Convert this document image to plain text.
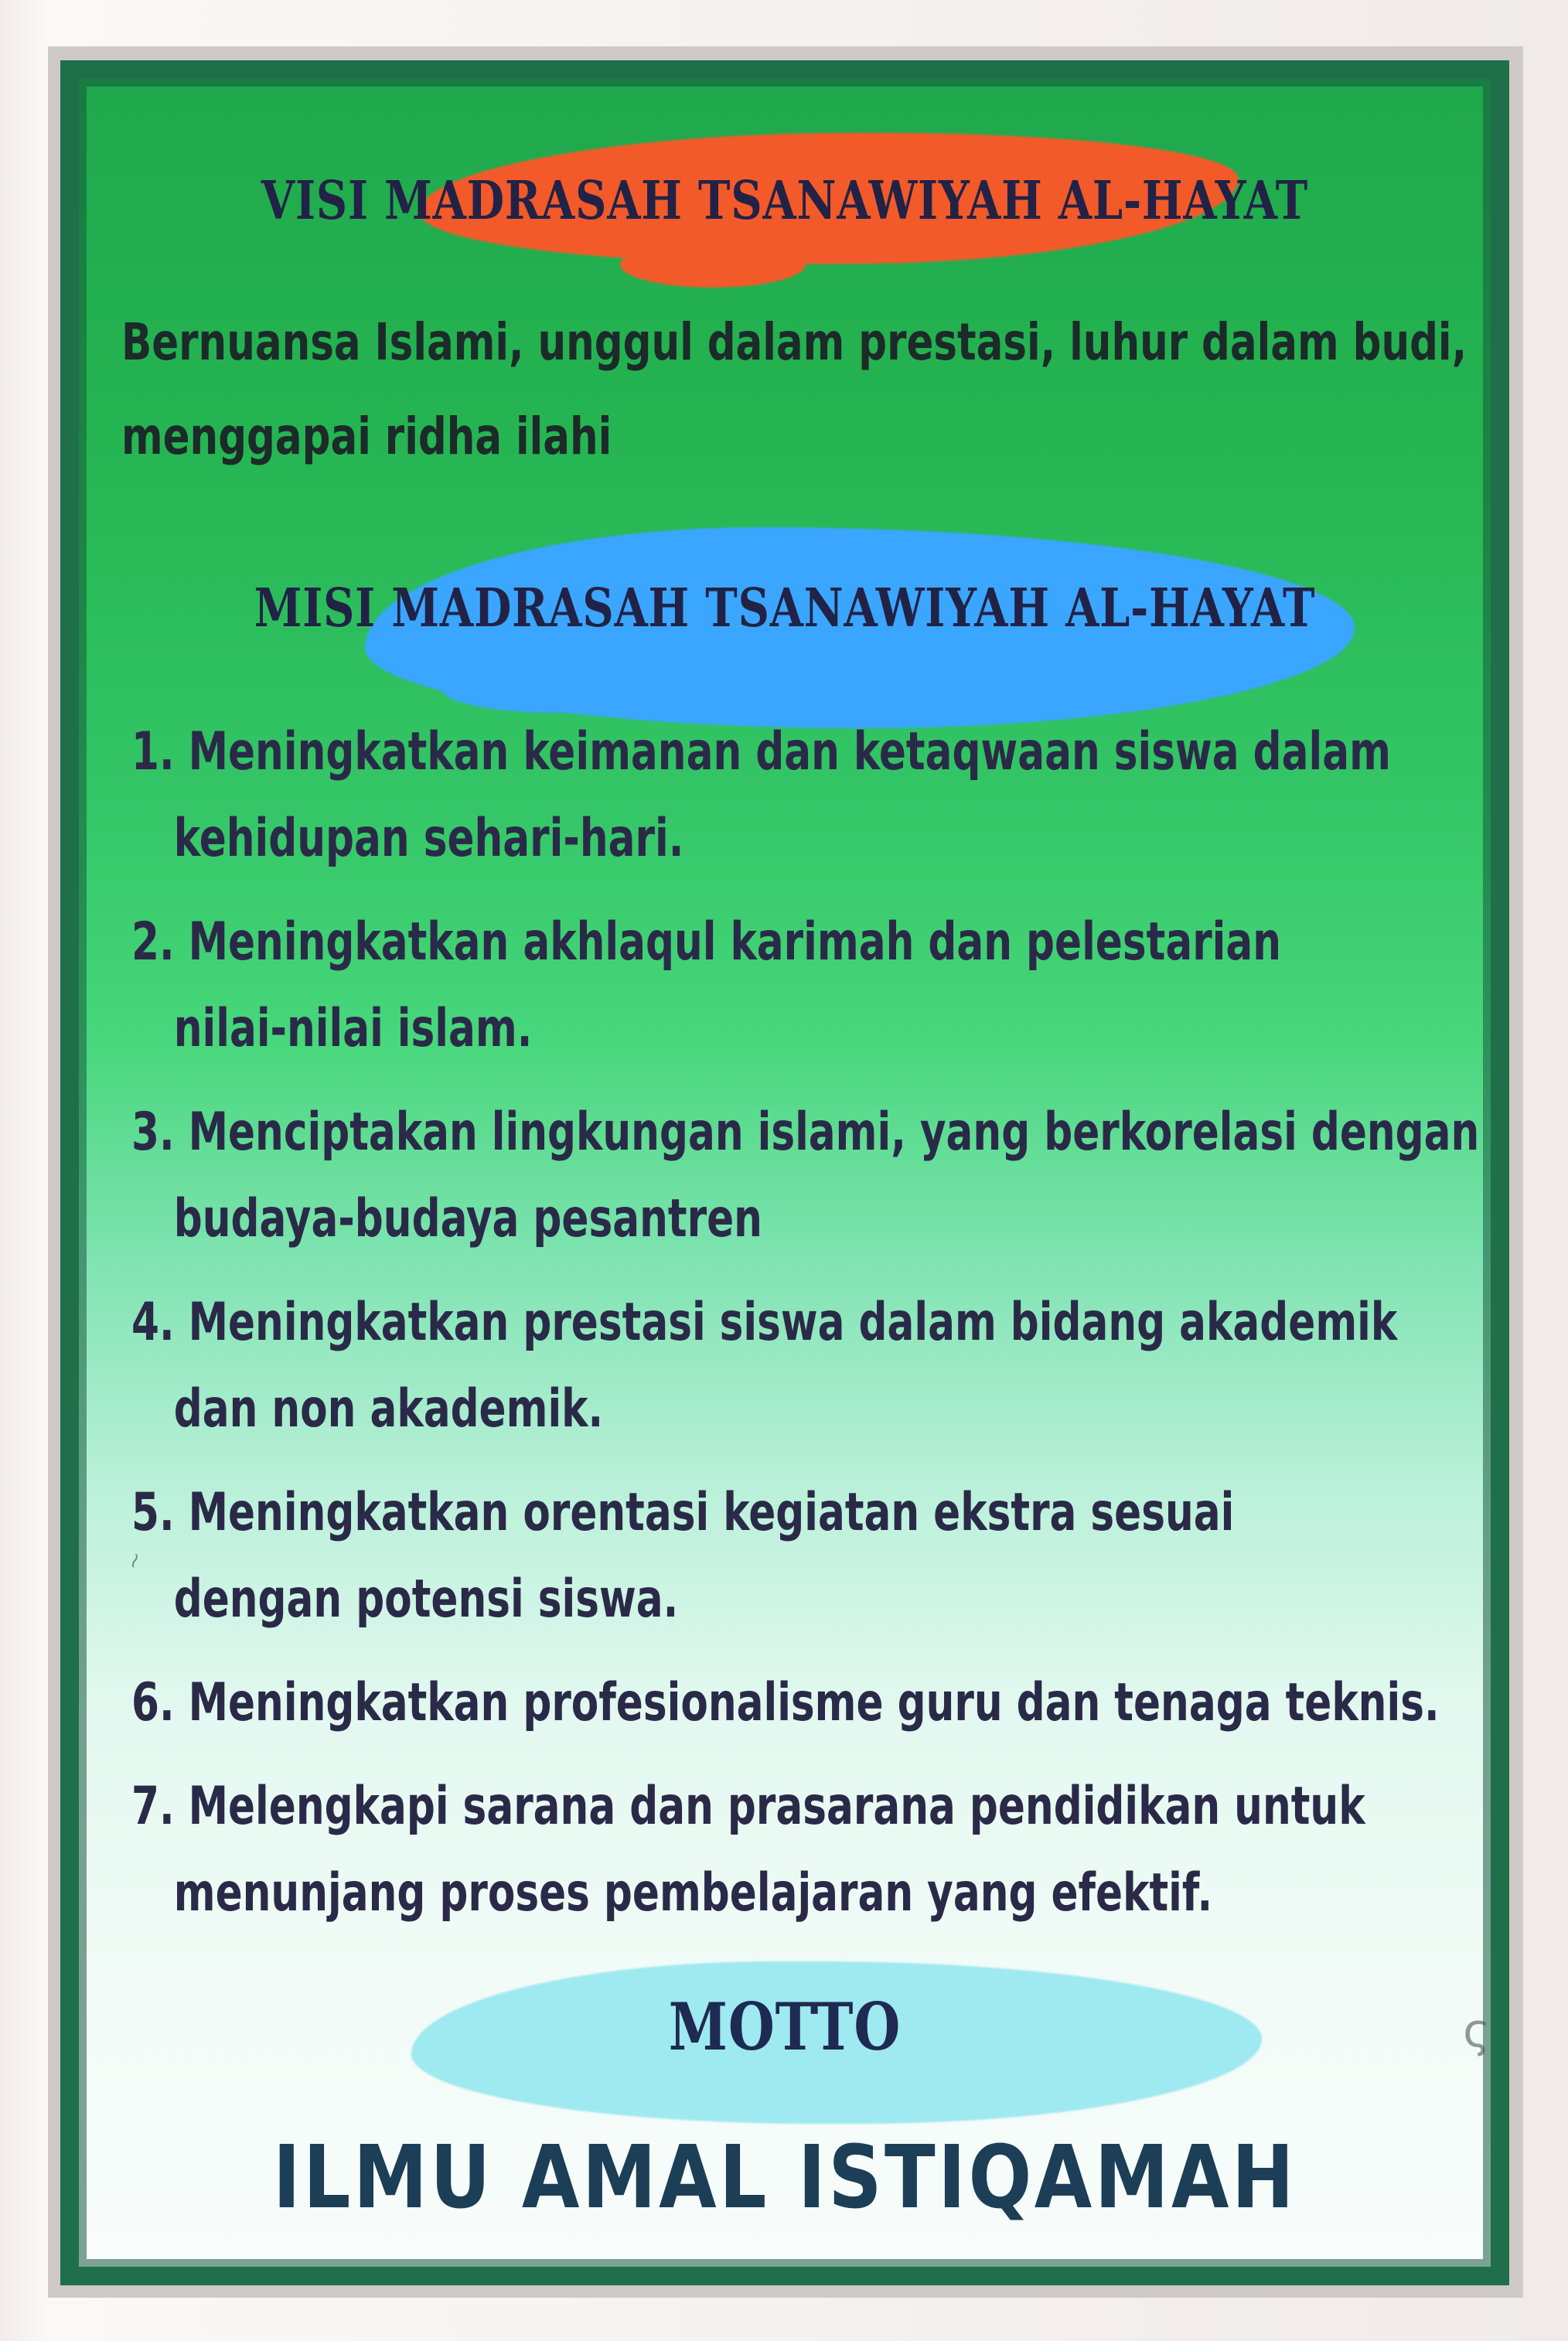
VISI MADRASAH TSANAWIYAH AL-HAYAT
Bernuansa Islami, unggul dalam prestasi, luhur dalam budi,
menggapai ridha ilahi
MISI MADRASAH TSANAWIYAH AL-HAYAT
1. Meningkatkan keimanan dan ketaqwaan siswa dalam
kehidupan sehari-hari.
2. Meningkatkan akhlaqul karimah dan pelestarian
nilai-nilai islam.
3. Menciptakan lingkungan islami, yang berkorelasi dengan
budaya-budaya pesantren
4. Meningkatkan prestasi siswa dalam bidang akademik
dan non akademik.
5. Meningkatkan orentasi kegiatan ekstra sesuai
dengan potensi siswa.
6. Meningkatkan profesionalisme guru dan tenaga teknis.
7. Melengkapi sarana dan prasarana pendidikan untuk
menunjang proses pembelajaran yang efektif.
MOTTO
ILMU AMAL ISTIQAMAH
ς
~
